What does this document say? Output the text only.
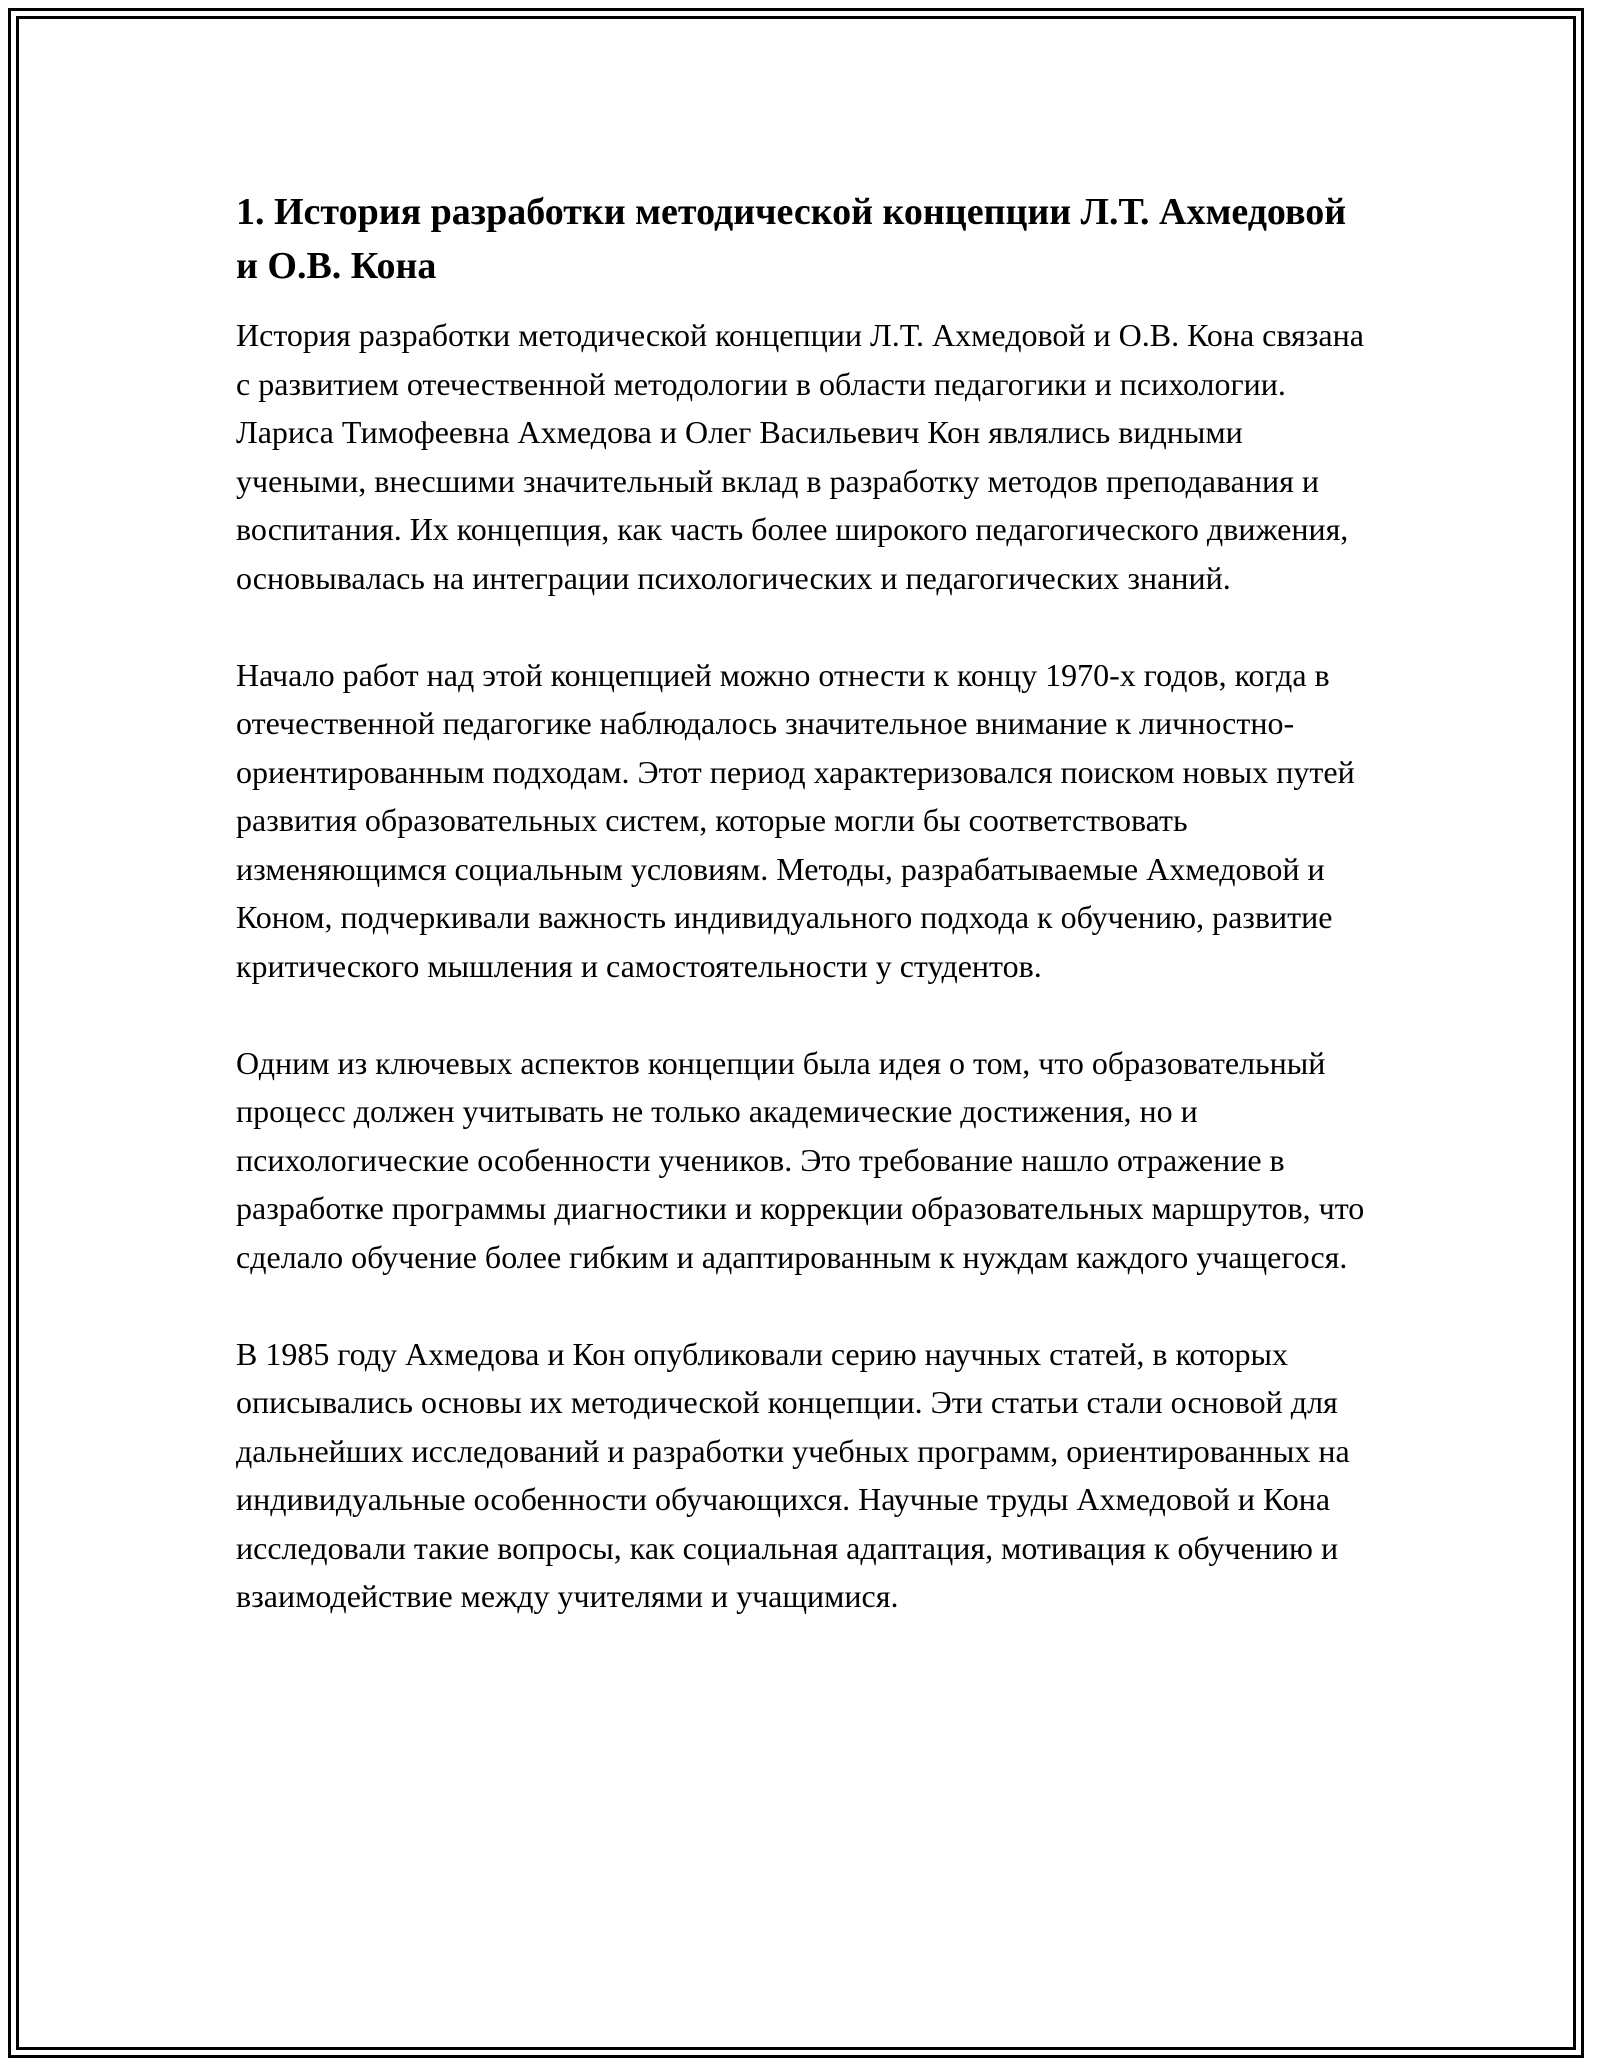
1. История разработки методической концепции Л.Т. Ахмедовой и О.В. Кона

История разработки методической концепции Л.Т. Ахмедовой и О.В. Кона связана с развитием отечественной методологии в области педагогики и психологии. Лариса Тимофеевна Ахмедова и Олег Васильевич Кон являлись видными учеными, внесшими значительный вклад в разработку методов преподавания и воспитания. Их концепция, как часть более широкого педагогического движения, основывалась на интеграции психологических и педагогических знаний.

Начало работ над этой концепцией можно отнести к концу 1970-х годов, когда в отечественной педагогике наблюдалось значительное внимание к личностно-ориентированным подходам. Этот период характеризовался поиском новых путей развития образовательных систем, которые могли бы соответствовать изменяющимся социальным условиям. Методы, разрабатываемые Ахмедовой и Коном, подчеркивали важность индивидуального подхода к обучению, развитие критического мышления и самостоятельности у студентов.

Одним из ключевых аспектов концепции была идея о том, что образовательный процесс должен учитывать не только академические достижения, но и психологические особенности учеников. Это требование нашло отражение в разработке программы диагностики и коррекции образовательных маршрутов, что сделало обучение более гибким и адаптированным к нуждам каждого учащегося.

В 1985 году Ахмедова и Кон опубликовали серию научных статей, в которых описывались основы их методической концепции. Эти статьи стали основой для дальнейших исследований и разработки учебных программ, ориентированных на индивидуальные особенности обучающихся. Научные труды Ахмедовой и Кона исследовали такие вопросы, как социальная адаптация, мотивация к обучению и взаимодействие между учителями и учащимися.
